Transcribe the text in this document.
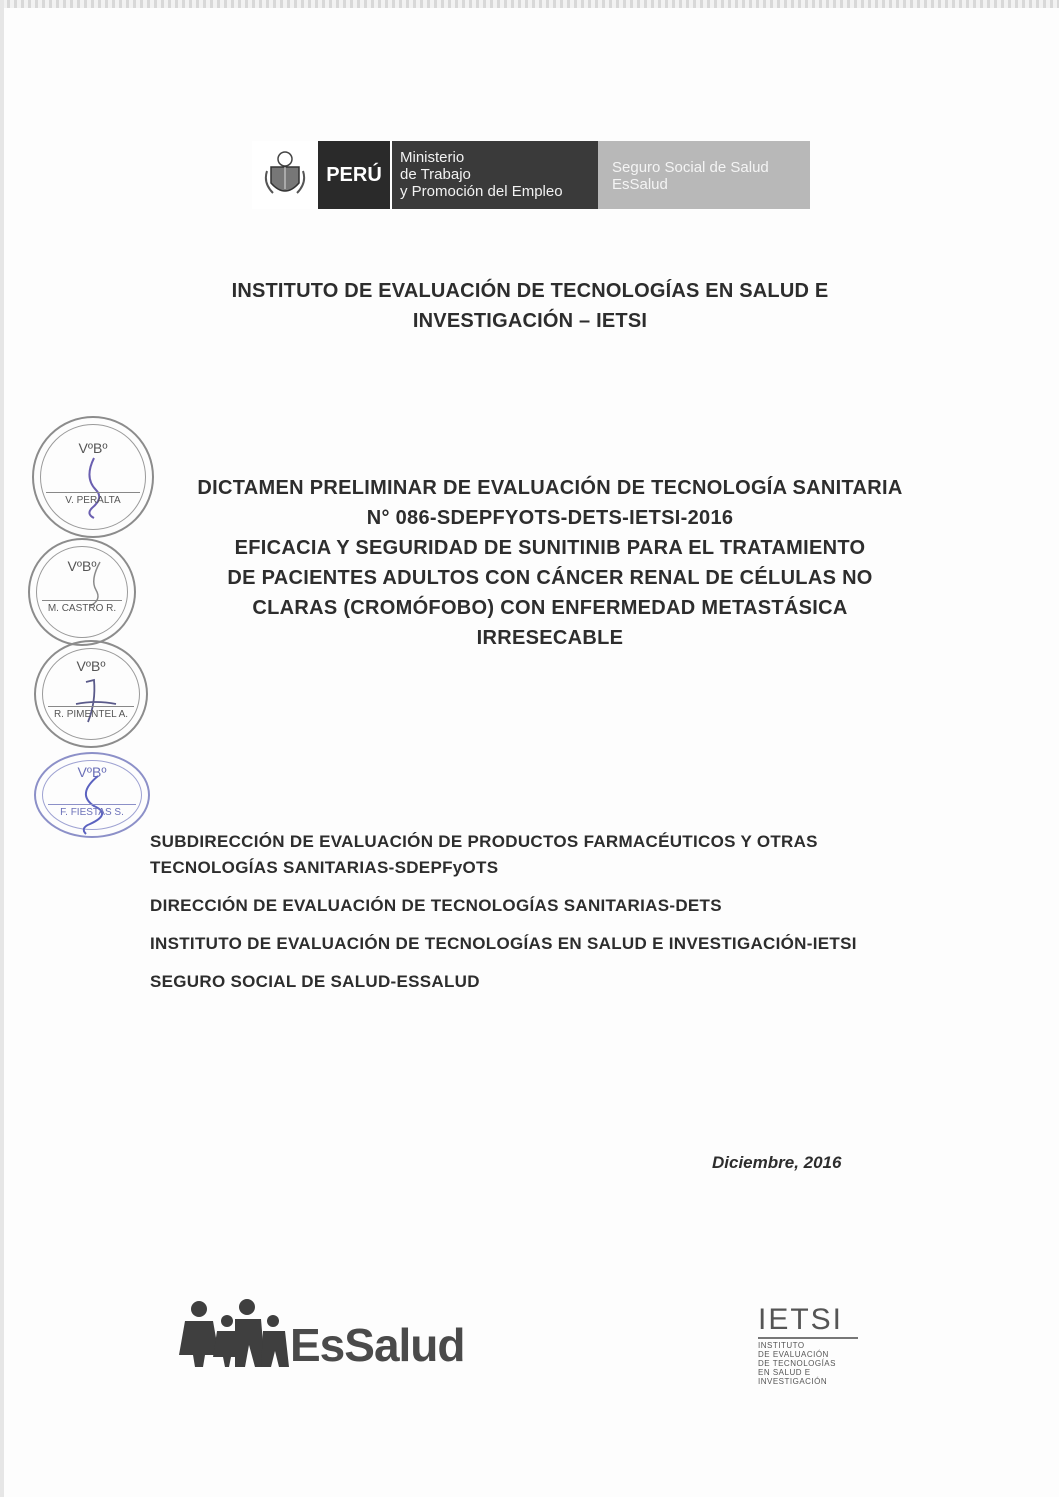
PERÚ
Ministerio
de Trabajo
y Promoción del Empleo
Seguro Social de Salud
EsSalud
INSTITUTO DE EVALUACIÓN DE TECNOLOGÍAS EN SALUD E
INVESTIGACIÓN – IETSI
DICTAMEN PRELIMINAR DE EVALUACIÓN DE TECNOLOGÍA SANITARIA
N° 086-SDEPFYOTS-DETS-IETSI-2016
EFICACIA Y SEGURIDAD DE SUNITINIB PARA EL TRATAMIENTO
DE PACIENTES ADULTOS CON CÁNCER RENAL DE CÉLULAS NO
CLARAS (CROMÓFOBO) CON ENFERMEDAD METASTÁSICA
IRRESECABLE
VºBº
V. PERALTA
VºBº
M. CASTRO R.
VºBº
R. PIMENTEL A.
VºBº
F. FIESTAS S.
SUBDIRECCIÓN DE EVALUACIÓN DE PRODUCTOS FARMACÉUTICOS Y OTRAS TECNOLOGÍAS SANITARIAS-SDEPFyOTS
DIRECCIÓN DE EVALUACIÓN DE TECNOLOGÍAS SANITARIAS-DETS
INSTITUTO DE EVALUACIÓN DE TECNOLOGÍAS EN SALUD E INVESTIGACIÓN-IETSI
SEGURO SOCIAL DE SALUD-ESSALUD
Diciembre, 2016
EsSalud	IETSI
INSTITUTO
DE EVALUACIÓN
DE TECNOLOGÍAS
EN SALUD E
INVESTIGACIÓN
